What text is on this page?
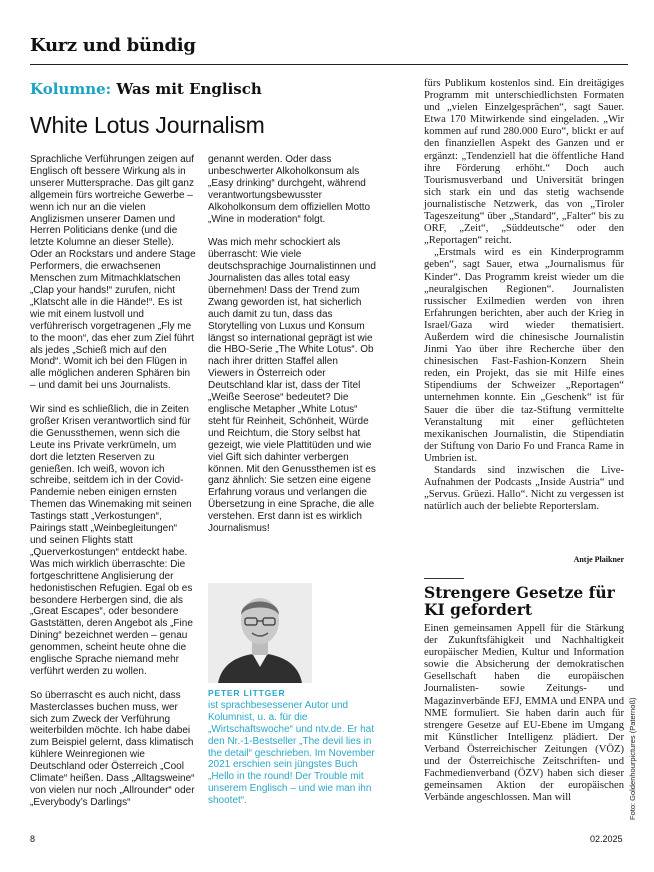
Kurz und bündig
Kolumne: Was mit Englisch
White Lotus Journalism

Sprachliche Verführungen zeigen auf Englisch oft bessere Wirkung als in unserer Muttersprache. Das gilt ganz allgemein fürs wortreiche Gewerbe – wenn ich nur an die vielen Anglizismen unserer Damen und Herren Politicians denke (und die letzte Kolumne an dieser Stelle). Oder an Rockstars und andere Stage Performers, die erwachsenen Menschen zum Mitmachklatschen „Clap your hands!“ zurufen, nicht „Klatscht alle in die Hände!“. Es ist wie mit einem lustvoll und verführerisch vorgetragenen „Fly me to the moon“, das eher zum Ziel führt als jedes „Schieß mich auf den Mond“. Womit ich bei den Flügen in alle möglichen anderen Sphären bin – und damit bei uns Journalists.

Wir sind es schließlich, die in Zeiten großer Krisen verantwortlich sind für die Genussthemen, wenn sich die Leute ins Private verkrümeln, um dort die letzten Reserven zu genießen. Ich weiß, wovon ich schreibe, seitdem ich in der Covid-Pandemie neben einigen ernsten Themen das Winemaking mit seinen Tastings statt „Verkostungen“, Pairings statt „Weinbegleitungen“ und seinen Flights statt „Querverkostungen“ entdeckt habe. Was mich wirklich überraschte: Die fortgeschrittene Anglisierung der hedonistischen Refugien. Egal ob es besondere Herbergen sind, die als „Great Escapes“, oder besondere Gaststätten, deren Angebot als „Fine Dining“ bezeichnet werden – genau genommen, scheint heute ohne die englische Sprache niemand mehr verführt werden zu wollen.

So überrascht es auch nicht, dass Masterclasses buchen muss, wer sich zum Zweck der Verführung weiterbilden möchte. Ich habe dabei zum Beispiel gelernt, dass klimatisch kühlere Weinregionen wie Deutschland oder Österreich „Cool Climate“ heißen. Dass „Alltagsweine“ von vielen nur noch „Allrounder“ oder „Everybody’s Darlings“

genannt werden. Oder dass unbeschwerter Alkoholkonsum als „Easy drinking“ durchgeht, während verantwortungsbewusster Alkoholkonsum dem offiziellen Motto „Wine in moderation“ folgt.

Was mich mehr schockiert als überrascht: Wie viele deutschsprachige Journalistinnen und Journalisten das alles total easy übernehmen! Dass der Trend zum Zwang geworden ist, hat sicherlich auch damit zu tun, dass das Storytelling von Luxus und Konsum längst so international geprägt ist wie die HBO-Serie „The White Lotus“. Ob nach ihrer dritten Staffel allen Viewers in Österreich oder Deutschland klar ist, dass der Titel „Weiße Seerose“ bedeutet? Die englische Metapher „White Lotus“ steht für Reinheit, Schönheit, Würde und Reichtum, die Story selbst hat gezeigt, wie viele Plattitüden und wie viel Gift sich dahinter verbergen können. Mit den Genussthemen ist es ganz ähnlich: Sie setzen eine eigene Erfahrung voraus und verlangen die Übersetzung in eine Sprache, die alle verstehen. Erst dann ist es wirklich Journalismus!

PETER LITTGER
ist sprachbesessener Autor und Kolumnist, u. a. für die „Wirtschaftswoche“ und ntv.de. Er hat den Nr.-1-Bestseller „The devil lies in the detail“ geschrieben. Im November 2021 erschien sein jüngstes Buch „Hello in the round! Der Trouble mit unserem Englisch – und wie man ihn shootet“.

fürs Publikum kostenlos sind. Ein dreitägiges Programm mit unterschiedlichsten Formaten und „vielen Einzelgesprächen“, sagt Sauer. Etwa 170 Mitwirkende sind eingeladen. „Wir kommen auf rund 280.000 Euro“, blickt er auf den finanziellen Aspekt des Ganzen und er ergänzt: „Tendenziell hat die öffentliche Hand ihre Förderung erhöht.“ Doch auch Tourismusverband und Universität bringen sich stark ein und das stetig wachsende journalistische Netzwerk, das von „Tiroler Tageszeitung“ über „Standard“, „Falter“ bis zu ORF, „Zeit“, „Süddeutsche“ oder den „Reportagen“ reicht.

„Erstmals wird es ein Kinderprogramm geben“, sagt Sauer, etwa „Journalismus für Kinder“. Das Programm kreist wieder um die „neuralgischen Regionen“. Journalisten russischer Exilmedien werden von ihren Erfahrungen berichten, aber auch der Krieg in Israel/Gaza wird wieder thematisiert. Außerdem wird die chinesische Journalistin Jinmi Yao über ihre Recherche über den chinesischen Fast-Fashion-Konzern Shein reden, ein Projekt, das sie mit Hilfe eines Stipendiums der Schweizer „Reportagen“ unternehmen konnte. Ein „Geschenk“ ist für Sauer die über die taz-Stiftung vermittelte Veranstaltung mit einer geflüchteten mexikanischen Journalistin, die Stipendiatin der Stiftung von Dario Fo und Franca Rame in Umbrien ist.

Standards sind inzwischen die Live-Aufnahmen der Podcasts „Inside Austria“ und „Servus. Grüezi. Hallo“. Nicht zu vergessen ist natürlich auch der beliebte Reporterslam.

Antje Plaikner
Strengere Gesetze für KI gefordert

Einen gemeinsamen Appell für die Stärkung der Zukunftsfähigkeit und Nachhaltigkeit europäischer Medien, Kultur und Information sowie die Absicherung der demokratischen Gesellschaft haben die europäischen Journalisten- sowie Zeitungs- und Magazinverbände EFJ, EMMA und ENPA und NME formuliert. Sie haben darin auch für strengere Gesetze auf EU-Ebene im Umgang mit Künstlicher Intelligenz plädiert. Der Verband Österreichischer Zeitungen (VÖZ) und der Österreichische Zeitschriften- und Fachmedienverband (ÖZV) haben sich dieser gemeinsamen Aktion der europäischen Verbände angeschlossen. Man will	Foto: Goldenhourpictures (Paternoß)
8	02.2025
